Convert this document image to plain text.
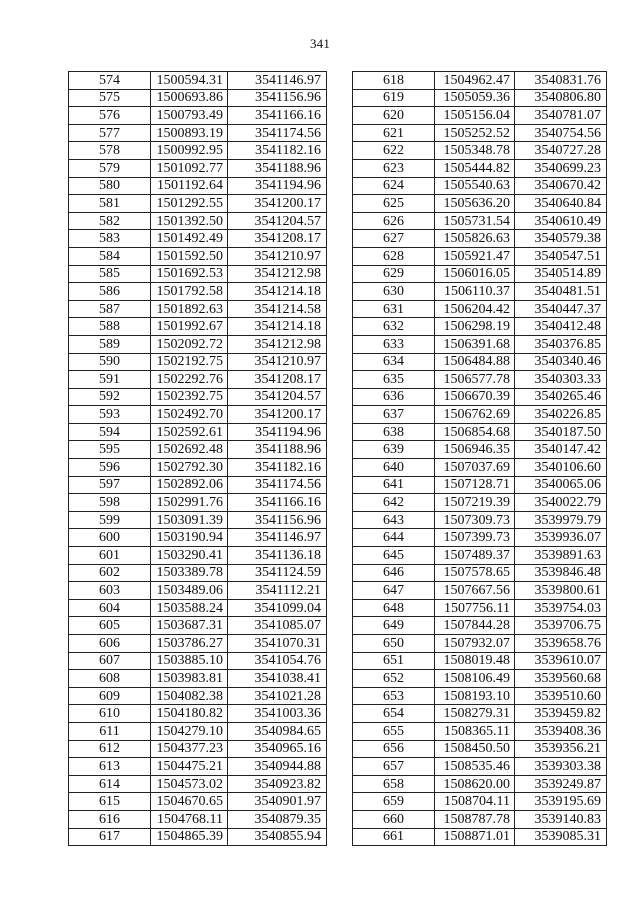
341
574	1500594.31	3541146.97
575	1500693.86	3541156.96
576	1500793.49	3541166.16
577	1500893.19	3541174.56
578	1500992.95	3541182.16
579	1501092.77	3541188.96
580	1501192.64	3541194.96
581	1501292.55	3541200.17
582	1501392.50	3541204.57
583	1501492.49	3541208.17
584	1501592.50	3541210.97
585	1501692.53	3541212.98
586	1501792.58	3541214.18
587	1501892.63	3541214.58
588	1501992.67	3541214.18
589	1502092.72	3541212.98
590	1502192.75	3541210.97
591	1502292.76	3541208.17
592	1502392.75	3541204.57
593	1502492.70	3541200.17
594	1502592.61	3541194.96
595	1502692.48	3541188.96
596	1502792.30	3541182.16
597	1502892.06	3541174.56
598	1502991.76	3541166.16
599	1503091.39	3541156.96
600	1503190.94	3541146.97
601	1503290.41	3541136.18
602	1503389.78	3541124.59
603	1503489.06	3541112.21
604	1503588.24	3541099.04
605	1503687.31	3541085.07
606	1503786.27	3541070.31
607	1503885.10	3541054.76
608	1503983.81	3541038.41
609	1504082.38	3541021.28
610	1504180.82	3541003.36
611	1504279.10	3540984.65
612	1504377.23	3540965.16
613	1504475.21	3540944.88
614	1504573.02	3540923.82
615	1504670.65	3540901.97
616	1504768.11	3540879.35
617	1504865.39	3540855.94
618	1504962.47	3540831.76
619	1505059.36	3540806.80
620	1505156.04	3540781.07
621	1505252.52	3540754.56
622	1505348.78	3540727.28
623	1505444.82	3540699.23
624	1505540.63	3540670.42
625	1505636.20	3540640.84
626	1505731.54	3540610.49
627	1505826.63	3540579.38
628	1505921.47	3540547.51
629	1506016.05	3540514.89
630	1506110.37	3540481.51
631	1506204.42	3540447.37
632	1506298.19	3540412.48
633	1506391.68	3540376.85
634	1506484.88	3540340.46
635	1506577.78	3540303.33
636	1506670.39	3540265.46
637	1506762.69	3540226.85
638	1506854.68	3540187.50
639	1506946.35	3540147.42
640	1507037.69	3540106.60
641	1507128.71	3540065.06
642	1507219.39	3540022.79
643	1507309.73	3539979.79
644	1507399.73	3539936.07
645	1507489.37	3539891.63
646	1507578.65	3539846.48
647	1507667.56	3539800.61
648	1507756.11	3539754.03
649	1507844.28	3539706.75
650	1507932.07	3539658.76
651	1508019.48	3539610.07
652	1508106.49	3539560.68
653	1508193.10	3539510.60
654	1508279.31	3539459.82
655	1508365.11	3539408.36
656	1508450.50	3539356.21
657	1508535.46	3539303.38
658	1508620.00	3539249.87
659	1508704.11	3539195.69
660	1508787.78	3539140.83
661	1508871.01	3539085.31
